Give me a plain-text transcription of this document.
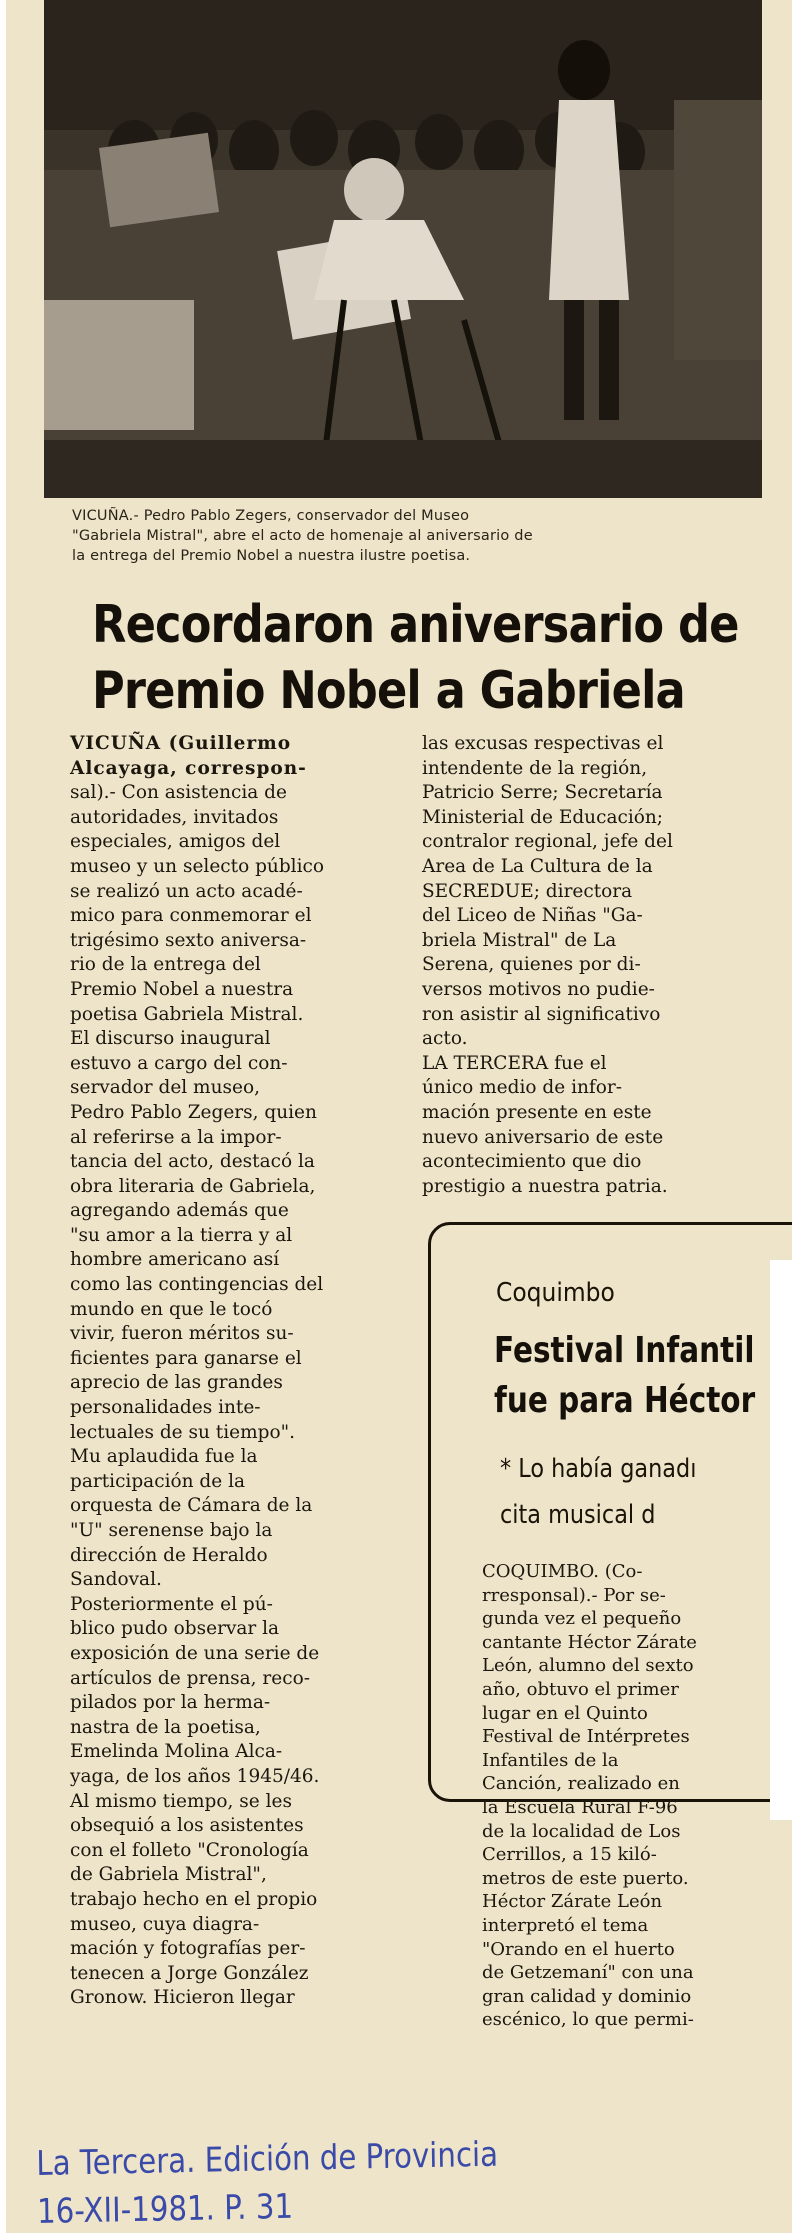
VICUÑA.- Pedro Pablo Zegers, conservador del Museo
"Gabriela Mistral", abre el acto de homenaje al aniversario de
la entrega del Premio Nobel a nuestra ilustre poetisa.
Recordaron aniversario de
Premio Nobel a Gabriela
VICUÑA (Guillermo
Alcayaga, correspon-
sal).- Con asistencia de
autoridades, invitados
especiales, amigos del
museo y un selecto público
se realizó un acto acadé-
mico para conmemorar el
trigésimo sexto aniversa-
rio de la entrega del
Premio Nobel a nuestra
poetisa Gabriela Mistral.
El discurso inaugural
estuvo a cargo del con-
servador del museo,
Pedro Pablo Zegers, quien
al referirse a la impor-
tancia del acto, destacó la
obra literaria de Gabriela,
agregando además que
"su amor a la tierra y al
hombre americano así
como las contingencias del
mundo en que le tocó
vivir, fueron méritos su-
ficientes para ganarse el
aprecio de las grandes
personalidades inte-
lectuales de su tiempo".
Mu aplaudida fue la
participación de la
orquesta de Cámara de la
"U" serenense bajo la
dirección de Heraldo
Sandoval.
Posteriormente el pú-
blico pudo observar la
exposición de una serie de
artículos de prensa, reco-
pilados por la herma-
nastra de la poetisa,
Emelinda Molina Alca-
yaga, de los años 1945/46.
Al mismo tiempo, se les
obsequió a los asistentes
con el folleto "Cronología
de Gabriela Mistral",
trabajo hecho en el propio
museo, cuya diagra-
mación y fotografías per-
tenecen a Jorge González
Gronow. Hicieron llegar
las excusas respectivas el
intendente de la región,
Patricio Serre; Secretaría
Ministerial de Educación;
contralor regional, jefe del
Area de La Cultura de la
SECREDUE; directora
del Liceo de Niñas "Ga-
briela Mistral" de La
Serena, quienes por di-
versos motivos no pudie-
ron asistir al significativo
acto.
LA TERCERA fue el
único medio de infor-
mación presente en este
nuevo aniversario de este
acontecimiento que dio
prestigio a nuestra patria.
Coquimbo
Festival Infantil
fue para Héctor
* Lo había ganadı
cita musical d
COQUIMBO. (Co-
rresponsal).- Por se-
gunda vez el pequeño
cantante Héctor Zárate
León, alumno del sexto
año, obtuvo el primer
lugar en el Quinto
Festival de Intérpretes
Infantiles de la
Canción, realizado en
la Escuela Rural F-96
de la localidad de Los
Cerrillos, a 15 kiló-
metros de este puerto.
Héctor Zárate León
interpretó el tema
"Orando en el huerto
de Getzemaní" con una
gran calidad y dominio
escénico, lo que permi-
La Tercera. Edición de Provincia
16-XII-1981. P. 31
